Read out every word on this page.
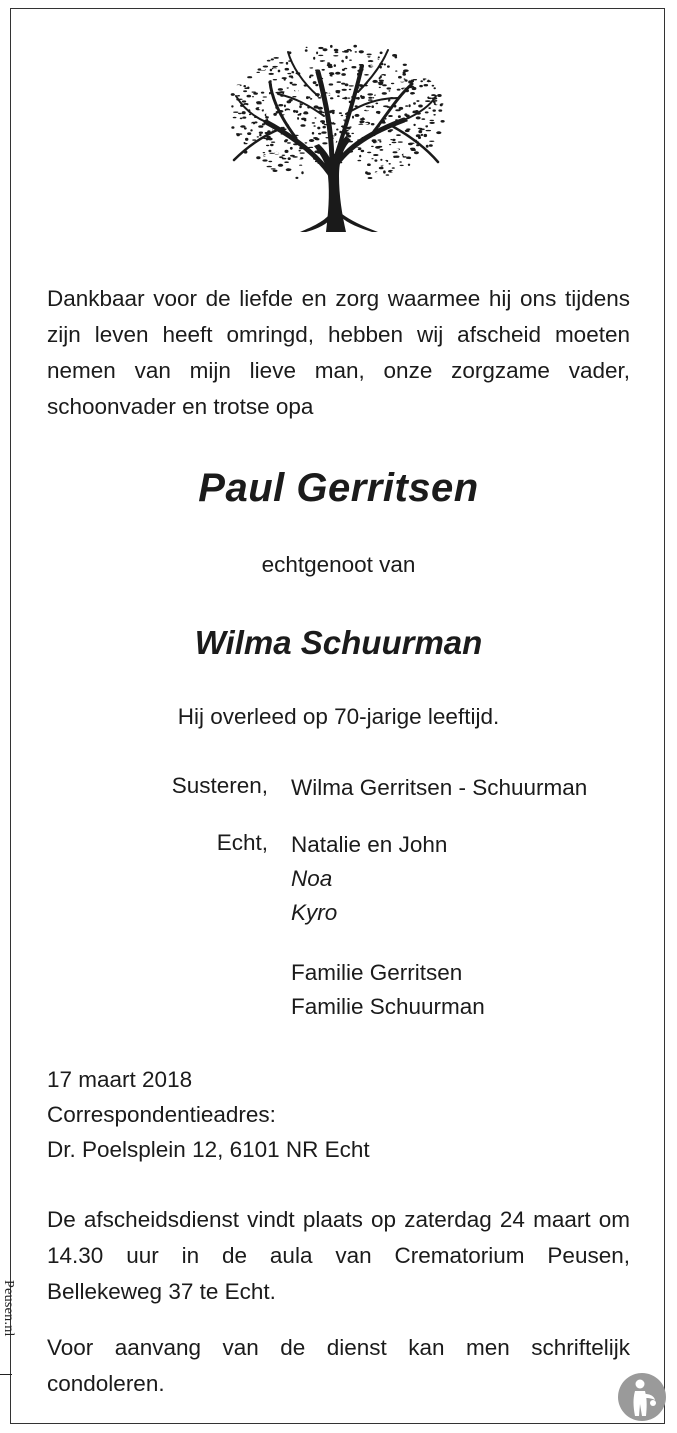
Dankbaar voor de liefde en zorg waarmee hij ons tijdens zijn leven heeft omringd, hebben wij afscheid moeten nemen van mijn lieve man, onze zorgzame vader, schoonvader en trotse opa

Paul Gerritsen

echtgenoot van

Wilma Schuurman

Hij overleed op 70-jarige leeftijd.

Susteren, Wilma Gerritsen - Schuurman

Echt, Natalie en John
Noa
Kyro
Familie Gerritsen
Familie Schuurman
17 maart 2018
Correspondentieadres:
Dr. Poelsplein 12, 6101 NR Echt

De afscheidsdienst vindt plaats op zaterdag 24 maart om 14.30 uur in de aula van Crematorium Peusen, Bellekeweg 37 te Echt.

Voor aanvang van de dienst kan men schriftelijk condoleren.

Peusen.nl
